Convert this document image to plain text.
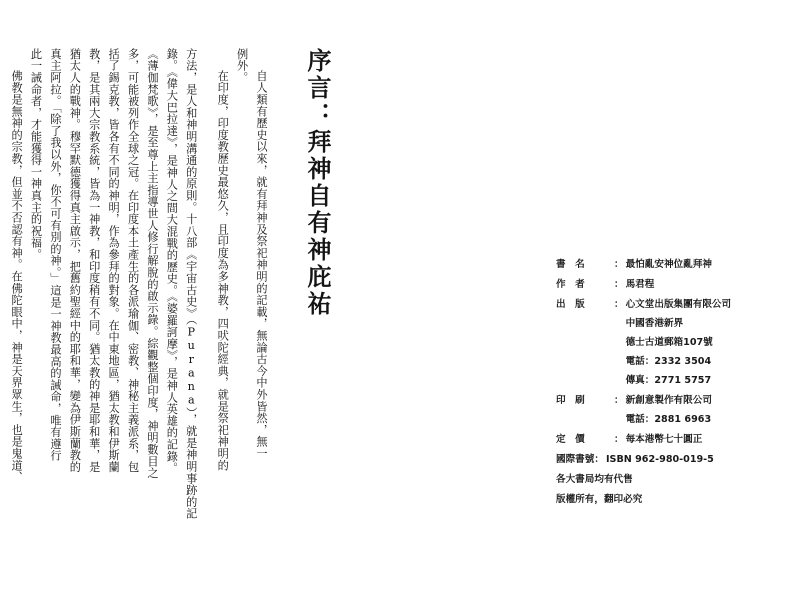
序言：拜神自有神庇祐
自人類有歷史以來，就有拜神及祭祀神明的記載，無論古今中外皆然，無一
例外。
在印度，印度教歷史最悠久，且印度為多神教，四吠陀經典，就是祭祀神明的
方法，是人和神明溝通的原則。十八部《宇宙古史》（Purana），就是神明事跡的記
錄。《偉大巴拉達》，是神人之間大混戰的歷史。《婆羅訶摩》，是神人英雄的記錄。
《薄伽梵歌》，是至尊上主指導世人修行解脫的啟示錄。綜觀整個印度，神明數目之
多，可能被列作全球之冠。在印度本土產生的各派瑜伽、密教、神秘主義派系，包
括了錫克教，皆各有不同的神明，作為參拜的對象。在中東地區，猶太教和伊斯蘭
教，是其兩大宗教系統，皆為一神教，和印度稍有不同。猶太教的神是耶和華，是
猶太人的戰神。穆罕默德獲得真主啟示，把舊約聖經中的耶和華，變為伊斯蘭教的
真主阿拉。「除了我以外，你不可有別的神。」這是一神教最高的誡命，唯有遵行
此一誡命者，才能獲得一神真主的祝福。
佛教是無神的宗教，但並不否認有神。在佛陀眼中，神是天界眾生，也是鬼道、	書　名	： 最怕亂安神位亂拜神
作　者	： 馬君程
出　版	： 心文堂出版集團有限公司
中國香港新界
德士古道郵箱107號
電話：2332 3504
傳真：2771 5757
印　刷	： 新創意製作有限公司
電話：2881 6963
定　價	： 每本港幣七十圓正
國際書號 ： ISBN 962-980-019-5
各大書局均有代售
版權所有，翻印必究
